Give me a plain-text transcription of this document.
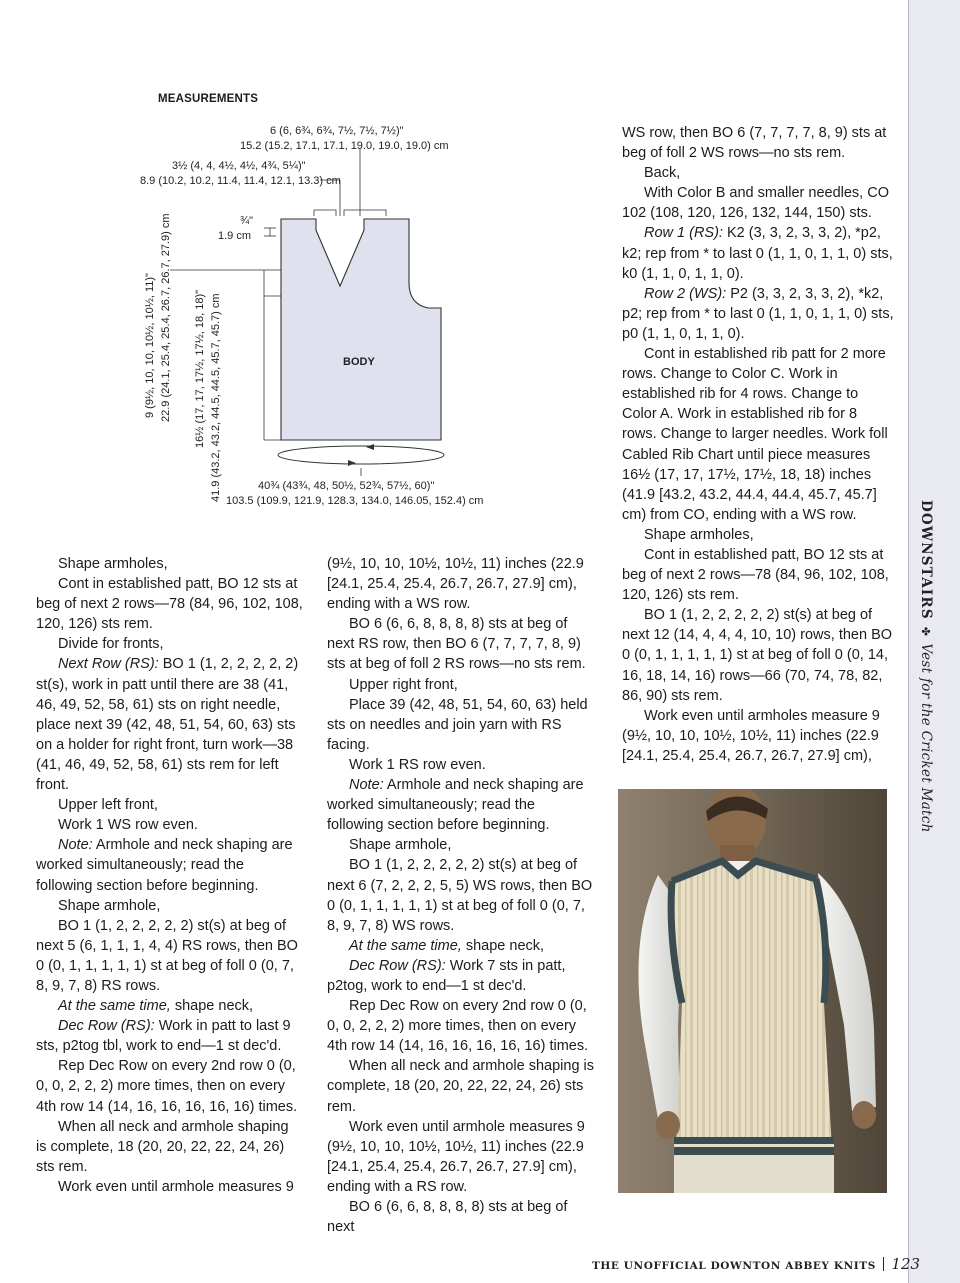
DOWNSTAIRS✤Vest for the Cricket Match
MEASUREMENTS
6 (6, 6¾, 6¾, 7½, 7½, 7½)"
15.2 (15.2, 17.1, 17.1, 19.0, 19.0, 19.0) cm
3½ (4, 4, 4½, 4½, 4¾, 5¼)"
8.9 (10.2, 10.2, 11.4, 11.4, 12.1, 13.3) cm
¾"
1.9 cm
9 (9½, 10, 10, 10½, 10½, 11)" 22.9 (24.1, 25.4, 25.4, 26.7, 26.7, 27.9) cm 16½ (17, 17, 17½, 17½, 18, 18)" 41.9 (43.2, 43.2, 44.5, 44.5, 45.7, 45.7) cm	BODY
40¾ (43¾, 48, 50½, 52¾, 57½, 60)"
103.5 (109.9, 121.9, 128.3, 134.0, 146.05, 152.4) cm

Shape armholes,

Cont in established patt, BO 12 sts at beg of next 2 rows—78 (84, 96, 102, 108, 120, 126) sts rem.

Divide for fronts,

Next Row (RS): BO 1 (1, 2, 2, 2, 2, 2) st(s), work in patt until there are 38 (41, 46, 49, 52, 58, 61) sts on right needle, place next 39 (42, 48, 51, 54, 60, 63) sts on a holder for right front, turn work—38 (41, 46, 49, 52, 58, 61) sts rem for left front.

Upper left front,

Work 1 WS row even.

Note: Armhole and neck shaping are worked simultaneously; read the following section before beginning.

Shape armhole,

BO 1 (1, 2, 2, 2, 2, 2) st(s) at beg of next 5 (6, 1, 1, 1, 4, 4) RS rows, then BO 0 (0, 1, 1, 1, 1, 1) st at beg of foll 0 (0, 7, 8, 9, 7, 8) RS rows.

At the same time, shape neck,

Dec Row (RS): Work in patt to last 9 sts, p2tog tbl, work to end—1 st dec'd.

Rep Dec Row on every 2nd row 0 (0, 0, 0, 2, 2, 2) more times, then on every 4th row 14 (14, 16, 16, 16, 16, 16) times.

When all neck and armhole shaping is complete, 18 (20, 20, 22, 22, 24, 26) sts rem.

Work even until armhole measures 9

(9½, 10, 10, 10½, 10½, 11) inches (22.9 [24.1, 25.4, 25.4, 26.7, 26.7, 27.9] cm), ending with a WS row.

BO 6 (6, 6, 8, 8, 8, 8) sts at beg of next RS row, then BO 6 (7, 7, 7, 7, 8, 9) sts at beg of foll 2 RS rows—no sts rem.

Upper right front,

Place 39 (42, 48, 51, 54, 60, 63) held sts on needles and join yarn with RS facing.

Work 1 RS row even.

Note: Armhole and neck shaping are worked simultaneously; read the following section before beginning.

Shape armhole,

BO 1 (1, 2, 2, 2, 2, 2) st(s) at beg of next 6 (7, 2, 2, 2, 5, 5) WS rows, then BO 0 (0, 1, 1, 1, 1, 1) st at beg of foll 0 (0, 7, 8, 9, 7, 8) WS rows.

At the same time, shape neck,

Dec Row (RS): Work 7 sts in patt, p2tog, work to end—1 st dec'd.

Rep Dec Row on every 2nd row 0 (0, 0, 0, 2, 2, 2) more times, then on every 4th row 14 (14, 16, 16, 16, 16, 16) times.

When all neck and armhole shaping is complete, 18 (20, 20, 22, 22, 24, 26) sts rem.

Work even until armhole measures 9 (9½, 10, 10, 10½, 10½, 11) inches (22.9 [24.1, 25.4, 25.4, 26.7, 26.7, 27.9] cm), ending with a RS row.

BO 6 (6, 6, 8, 8, 8, 8) sts at beg of next

WS row, then BO 6 (7, 7, 7, 7, 8, 9) sts at beg of foll 2 WS rows—no sts rem.

Back,

With Color B and smaller needles, CO 102 (108, 120, 126, 132, 144, 150) sts.

Row 1 (RS): K2 (3, 3, 2, 3, 3, 2), *p2, k2; rep from * to last 0 (1, 1, 0, 1, 1, 0) sts, k0 (1, 1, 0, 1, 1, 0).

Row 2 (WS): P2 (3, 3, 2, 3, 3, 2), *k2, p2; rep from * to last 0 (1, 1, 0, 1, 1, 0) sts, p0 (1, 1, 0, 1, 1, 0).

Cont in established rib patt for 2 more rows. Change to Color C. Work in established rib for 4 rows. Change to Color A. Work in established rib for 8 rows. Change to larger needles. Work foll Cabled Rib Chart until piece measures 16½ (17, 17, 17½, 17½, 18, 18) inches (41.9 [43.2, 43.2, 44.4, 44.4, 45.7, 45.7] cm) from CO, ending with a WS row.

Shape armholes,

Cont in established patt, BO 12 sts at beg of next 2 rows—78 (84, 96, 102, 108, 120, 126) sts rem.

BO 1 (1, 2, 2, 2, 2, 2) st(s) at beg of next 12 (14, 4, 4, 4, 10, 10) rows, then BO 0 (0, 1, 1, 1, 1, 1) st at beg of foll 0 (0, 14, 16, 18, 14, 16) rows—66 (70, 74, 78, 82, 86, 90) sts rem.

Work even until armholes measure 9 (9½, 10, 10, 10½, 10½, 11) inches (22.9 [24.1, 25.4, 25.4, 26.7, 26.7, 27.9] cm),

THE UNOFFICIAL DOWNTON ABBEY KNITS 123
